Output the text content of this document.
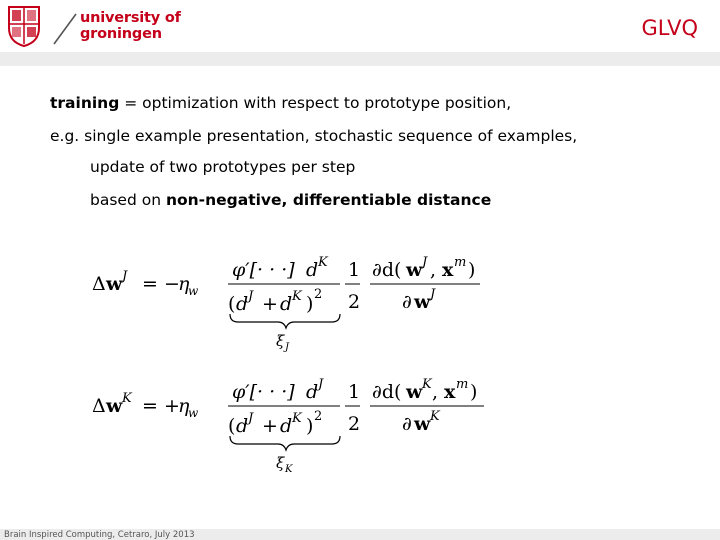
university of
groningen	GLVQ
training = optimization with respect to prototype position,
e.g. single example presentation, stochastic sequence of examples,
update of two prototypes per step
based on non-negative, differentiable distance
Δ w J = −
η
w
φ′[· · ·] d K
( d J + d K ) 2
ξ J
1
2
∂d( w J , x m )
∂ w J
Δ w K = +
η
w
φ′[· · ·] d J
( d J + d K ) 2
ξ K
1
2
∂d( w K , x m )
∂ w K
Brain Inspired Computing, Cetraro, July 2013
